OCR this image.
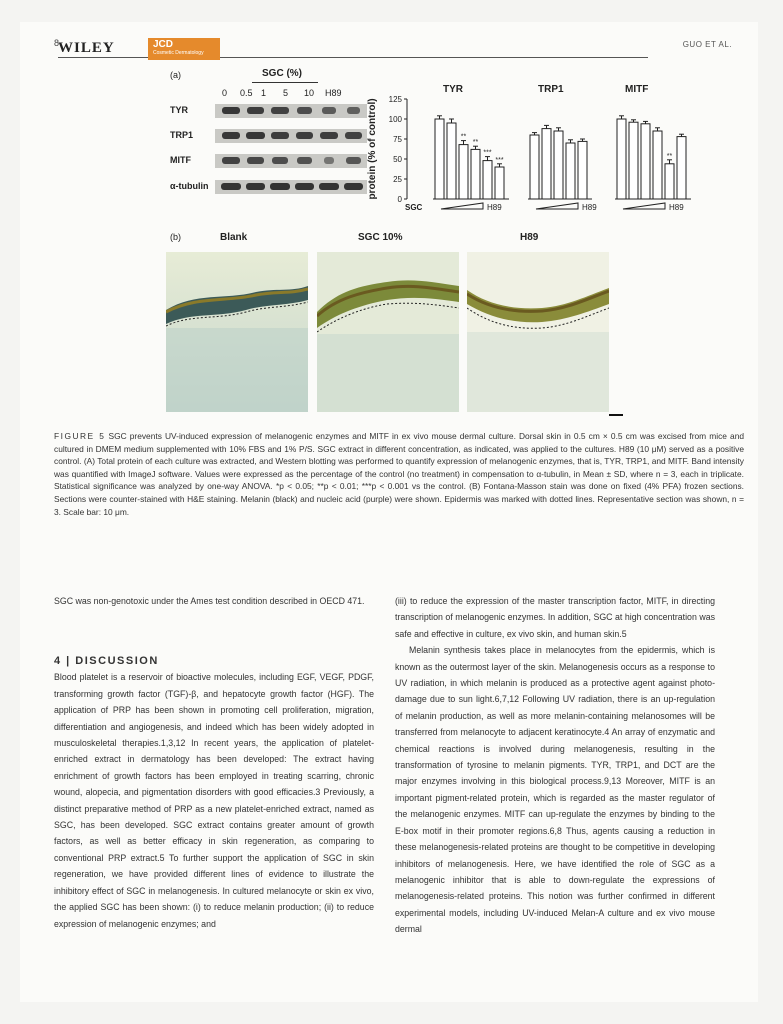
8
WILEY	JCD
Cosmetic Dermatology
GUO ET AL.
(a)	SGC (%)
0 0.5 1 5 10 H89
TYR
TRP1
MITF
α-tubulin	protein (% of control) 0
25
50
75
100
125
TYR
**
**
***
***
H89
SGC
TRP1
H89
MITF
**
H89
(b)	Blank	SGC 10%	H89
FIGURE 5 SGC prevents UV-induced expression of melanogenic enzymes and MITF in ex vivo mouse dermal culture. Dorsal skin in 0.5 cm × 0.5 cm was excised from mice and cultured in DMEM medium supplemented with 10% FBS and 1% P/S. SGC extract in different concentration, as indicated, was applied to the cultures. H89 (10 μM) served as a positive control. (A) Total protein of each culture was extracted, and Western blotting was performed to quantify expression of melanogenic enzymes, that is, TYR, TRP1, and MITF. Band intensity was quantified with ImageJ software. Values were expressed as the percentage of the control (no treatment) in compensation to α-tubulin, in Mean ± SD, where n = 3, each in triplicate. Statistical significance was analyzed by one-way ANOVA. *p < 0.05; **p < 0.01; ***p < 0.001 vs the control. (B) Fontana-Masson stain was done on fixed (4% PFA) frozen sections. Sections were counter-stained with H&E staining. Melanin (black) and nucleic acid (purple) were shown. Epidermis was marked with dotted lines. Representative section was shown, n = 3. Scale bar: 10 μm.

SGC was non-genotoxic under the Ames test condition described in OECD 471.

Blood platelet is a reservoir of bioactive molecules, including EGF, VEGF, PDGF, transforming growth factor (TGF)-β, and hepatocyte growth factor (HGF). The application of PRP has been shown in promoting cell proliferation, migration, differentiation and angiogenesis, and indeed which has been widely adopted in musculoskeletal therapies.1,3,12 In recent years, the application of platelet-enriched extract in dermatology has been developed: The extract having enrichment of growth factors has been employed in treating scarring, chronic wound, alopecia, and pigmentation disorders with good efficacies.3 Previously, a distinct preparative method of PRP as a new platelet-enriched extract, named as SGC, has been developed. SGC extract contains greater amount of growth factors, as well as better efficacy in skin regeneration, as comparing to conventional PRP extract.5 To further support the application of SGC in skin regeneration, we have provided different lines of evidence to illustrate the inhibitory effect of SGC in melanogenesis. In cultured melanocyte or skin ex vivo, the applied SGC has been shown: (i) to reduce melanin production; (ii) to reduce expression of melanogenic enzymes; and

4 | DISCUSSION

(iii) to reduce the expression of the master transcription factor, MITF, in directing transcription of melanogenic enzymes. In addition, SGC at high concentration was safe and effective in culture, ex vivo skin, and human skin.5

Melanin synthesis takes place in melanocytes from the epidermis, which is known as the outermost layer of the skin. Melanogenesis occurs as a response to UV radiation, in which melanin is produced as a protective agent against photo-damage due to sun light.6,7,12 Following UV radiation, there is an up-regulation of melanin production, as well as more melanin-containing melanosomes will be transferred from melanocyte to adjacent keratinocyte.4 An array of enzymatic and chemical reactions is involved during melanogenesis, resulting in the transformation of tyrosine to melanin pigments. TYR, TRP1, and DCT are the major enzymes involving in this biological process.9,13 Moreover, MITF is an important pigment-related protein, which is regarded as the master regulator of the melanogenic enzymes. MITF can up-regulate the enzymes by binding to the E-box motif in their promoter regions.6,8 Thus, agents causing a reduction in these melanogenesis-related proteins are thought to be competitive in developing inhibitors of melanogenesis. Here, we have identified the role of SGC as a melanogenic inhibitor that is able to down-regulate the expressions of melanogenesis-related proteins. This notion was further confirmed in different experimental models, including UV-induced Melan-A culture and ex vivo mouse dermal
